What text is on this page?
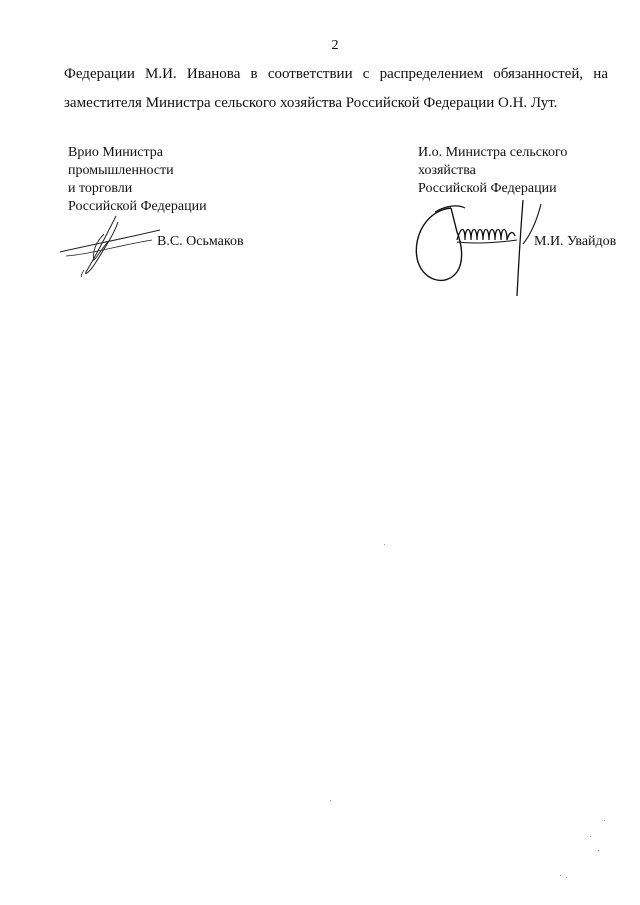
2
Федерации М.И. Иванова в соответствии с распределением обязанностей, на
заместителя Министра сельского хозяйства Российской Федерации О.Н. Лут.
Врио Министра
промышленности
и торговли
Российской Федерации
В.С. Осьмаков
И.о. Министра сельского
хозяйства
Российской Федерации
М.И. Увайдов
